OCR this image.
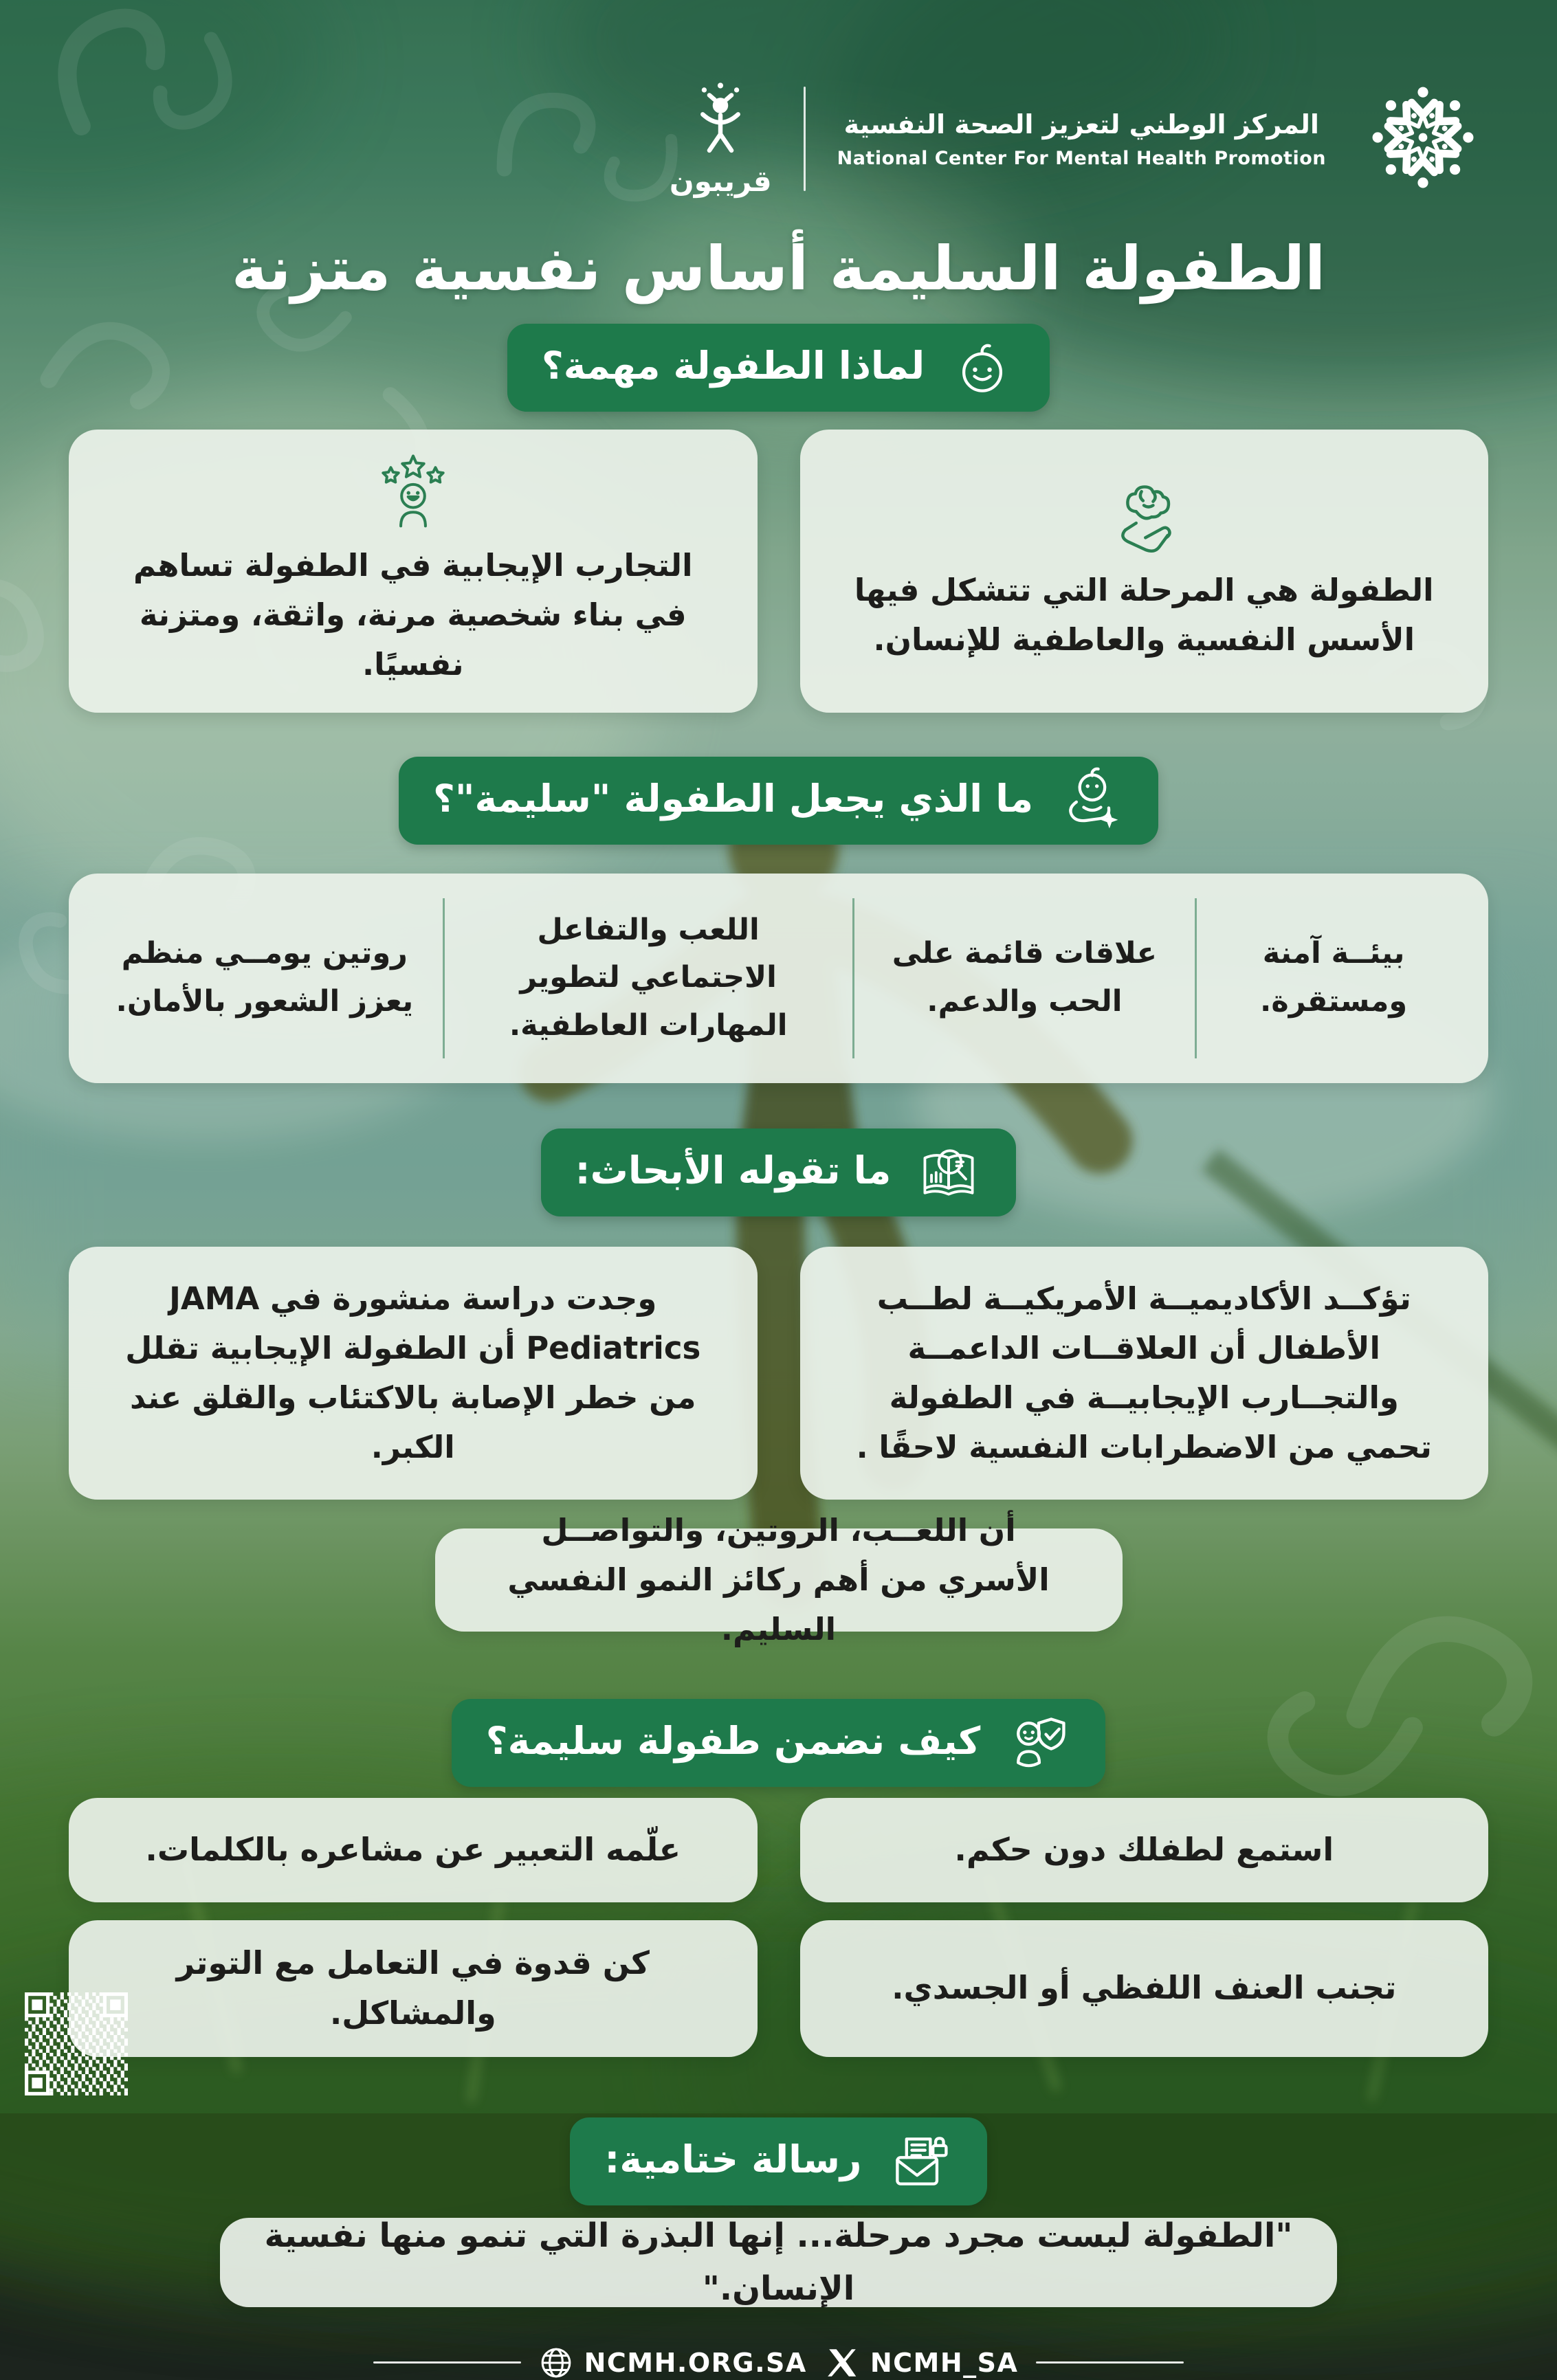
قريبون
المركز الوطني لتعزيز الصحة النفسية
National Center For Mental Health Promotion
الطفولة السليمة أساس نفسية متزنة
لماذا الطفولة مهمة؟
الطفولة هي المرحلة التي تتشكل فيها الأسس النفسية والعاطفية للإنسان.
التجارب الإيجابية في الطفولة تساهم في بناء شخصية مرنة، واثقة، ومتزنة نفسيًا.
ما الذي يجعل الطفولة "سليمة"؟
بيئــة آمنة ومستقرة.
علاقات قائمة على الحب والدعم.
اللعب والتفاعل الاجتماعي لتطوير المهارات العاطفية.
روتين يومــي منظم يعزز الشعور بالأمان.
ما تقوله الأبحاث:
تؤكــد الأكاديميــة الأمريكيــة لطــب الأطفال أن العلاقــات الداعمــة والتجــارب الإيجابيــة في الطفولة تحمي من الاضطرابات النفسية لاحقًا .
وجدت دراسة منشورة في JAMA Pediatrics أن الطفولة الإيجابية تقلل من خطر الإصابة بالاكتئاب والقلق عند الكبر.
أن اللعــب، الروتين، والتواصــل الأسري من أهم ركائز النمو النفسي السليم.
كيف نضمن طفولة سليمة؟
استمع لطفلك دون حكم.
علّمه التعبير عن مشاعره بالكلمات.
تجنب العنف اللفظي أو الجسدي.
كن قدوة في التعامل مع التوتر والمشاكل.
رسالة ختامية:
"الطفولة ليست مجرد مرحلة... إنها البذرة التي تنمو منها نفسية الإنسان."
NCMH.ORG.SA NCMH_SA
